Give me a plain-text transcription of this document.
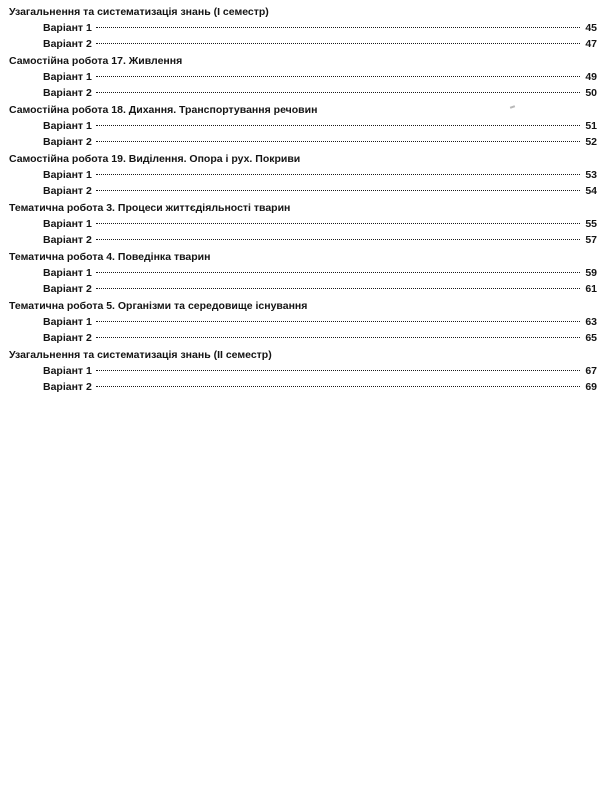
Узагальнення та систематизація знань (I семестр)
Варіант 1	45
Варіант 2	47
Самостійна робота 17. Живлення
Варіант 1	49
Варіант 2	50
Самостійна робота 18. Дихання. Транспортування речовин
Варіант 1	51
Варіант 2	52
Самостійна робота 19. Виділення. Опора і рух. Покриви
Варіант 1	53
Варіант 2	54
Тематична робота 3. Процеси життєдіяльності тварин
Варіант 1	55
Варіант 2	57
Тематична робота 4. Поведінка тварин
Варіант 1	59
Варіант 2	61
Тематична робота 5. Організми та середовище існування
Варіант 1	63
Варіант 2	65
Узагальнення та систематизація знань (II семестр)
Варіант 1	67
Варіант 2	69
